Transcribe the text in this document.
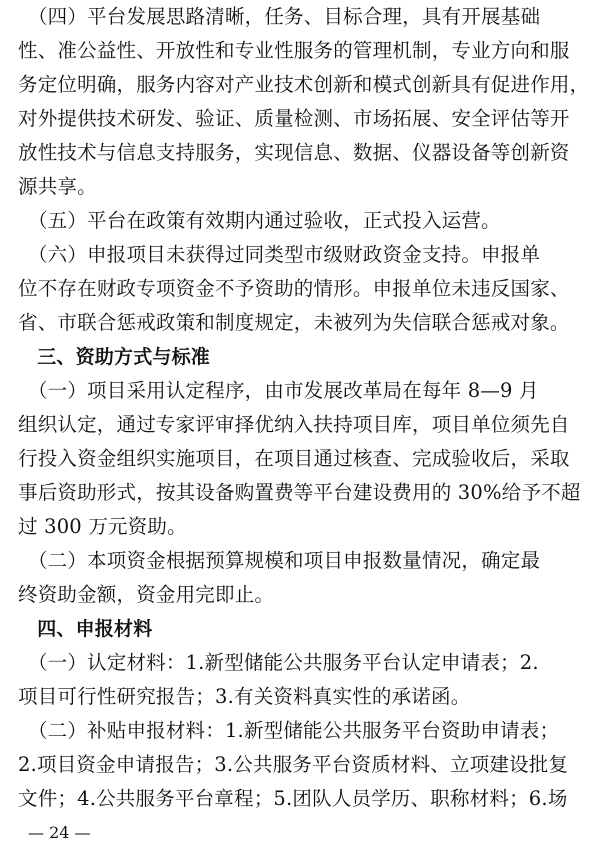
　（四）平台发展思路清晰，任务、目标合理，具有开展基础
性、准公益性、开放性和专业性服务的管理机制，专业方向和服
务定位明确，服务内容对产业技术创新和模式创新具有促进作用，
对外提供技术研发、验证、质量检测、市场拓展、安全评估等开
放性技术与信息支持服务，实现信息、数据、仪器设备等创新资
源共享。
　（五）平台在政策有效期内通过验收，正式投入运营。
　（六）申报项目未获得过同类型市级财政资金支持。申报单
位不存在财政专项资金不予资助的情形。申报单位未违反国家、
省、市联合惩戒政策和制度规定，未被列为失信联合惩戒对象。
　三、资助方式与标准
　（一）项目采用认定程序，由市发展改革局在每年 8—9 月
组织认定，通过专家评审择优纳入扶持项目库，项目单位须先自
行投入资金组织实施项目，在项目通过核查、完成验收后，采取
事后资助形式，按其设备购置费等平台建设费用的 30%给予不超
过 300 万元资助。
　（二）本项资金根据预算规模和项目申报数量情况，确定最
终资助金额，资金用完即止。
　四、申报材料
　（一）认定材料：1.新型储能公共服务平台认定申请表；2.
项目可行性研究报告；3.有关资料真实性的承诺函。
　（二）补贴申报材料：1.新型储能公共服务平台资助申请表；
2.项目资金申请报告；3.公共服务平台资质材料、立项建设批复
文件；4.公共服务平台章程；5.团队人员学历、职称材料；6.场
— 24 —
